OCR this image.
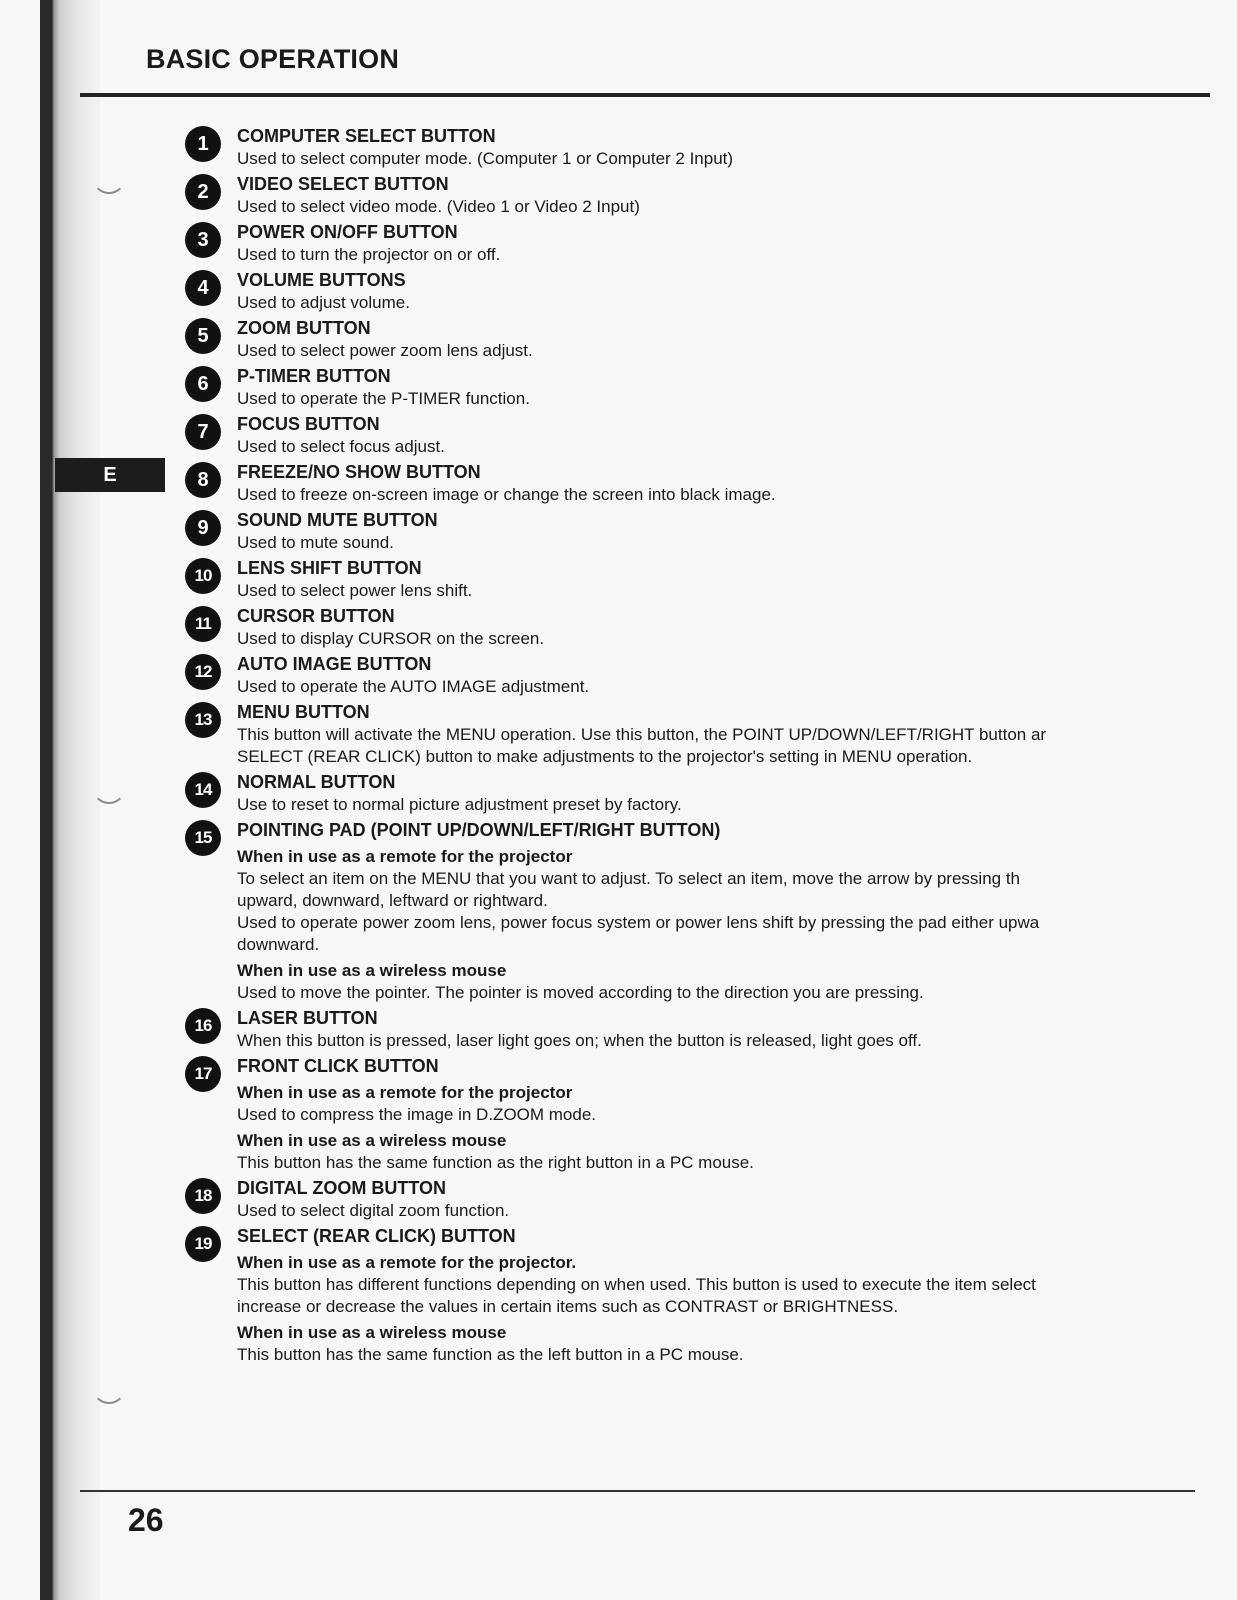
E
BASIC OPERATION
1	COMPUTER SELECT BUTTON
Used to select computer mode. (Computer 1 or Computer 2 Input)
2	VIDEO SELECT BUTTON
Used to select video mode. (Video 1 or Video 2 Input)
3	POWER ON/OFF BUTTON
Used to turn the projector on or off.
4	VOLUME BUTTONS
Used to adjust volume.
5	ZOOM BUTTON
Used to select power zoom lens adjust.
6	P-TIMER BUTTON
Used to operate the P-TIMER function.
7	FOCUS BUTTON
Used to select focus adjust.
8	FREEZE/NO SHOW BUTTON
Used to freeze on-screen image or change the screen into black image.
9	SOUND MUTE BUTTON
Used to mute sound.
10	LENS SHIFT BUTTON
Used to select power lens shift.
11	CURSOR BUTTON
Used to display CURSOR on the screen.
12	AUTO IMAGE BUTTON
Used to operate the AUTO IMAGE adjustment.
13	MENU BUTTON
This button will activate the MENU operation. Use this button, the POINT UP/DOWN/LEFT/RIGHT button ar
SELECT (REAR CLICK) button to make adjustments to the projector's setting in MENU operation.
14	NORMAL BUTTON
Use to reset to normal picture adjustment preset by factory.
15	POINTING PAD (POINT UP/DOWN/LEFT/RIGHT BUTTON)
When in use as a remote for the projector
To select an item on the MENU that you want to adjust. To select an item, move the arrow by pressing th
upward, downward, leftward or rightward.
Used to operate power zoom lens, power focus system or power lens shift by pressing the pad either upwa
downward.
When in use as a wireless mouse
Used to move the pointer. The pointer is moved according to the direction you are pressing.
16	LASER BUTTON
When this button is pressed, laser light goes on; when the button is released, light goes off.
17	FRONT CLICK BUTTON
When in use as a remote for the projector
Used to compress the image in D.ZOOM mode.
When in use as a wireless mouse
This button has the same function as the right button in a PC mouse.
18	DIGITAL ZOOM BUTTON
Used to select digital zoom function.
19	SELECT (REAR CLICK) BUTTON
When in use as a remote for the projector.
This button has different functions depending on when used. This button is used to execute the item select
increase or decrease the values in certain items such as CONTRAST or BRIGHTNESS.
When in use as a wireless mouse
This button has the same function as the left button in a PC mouse.
26
